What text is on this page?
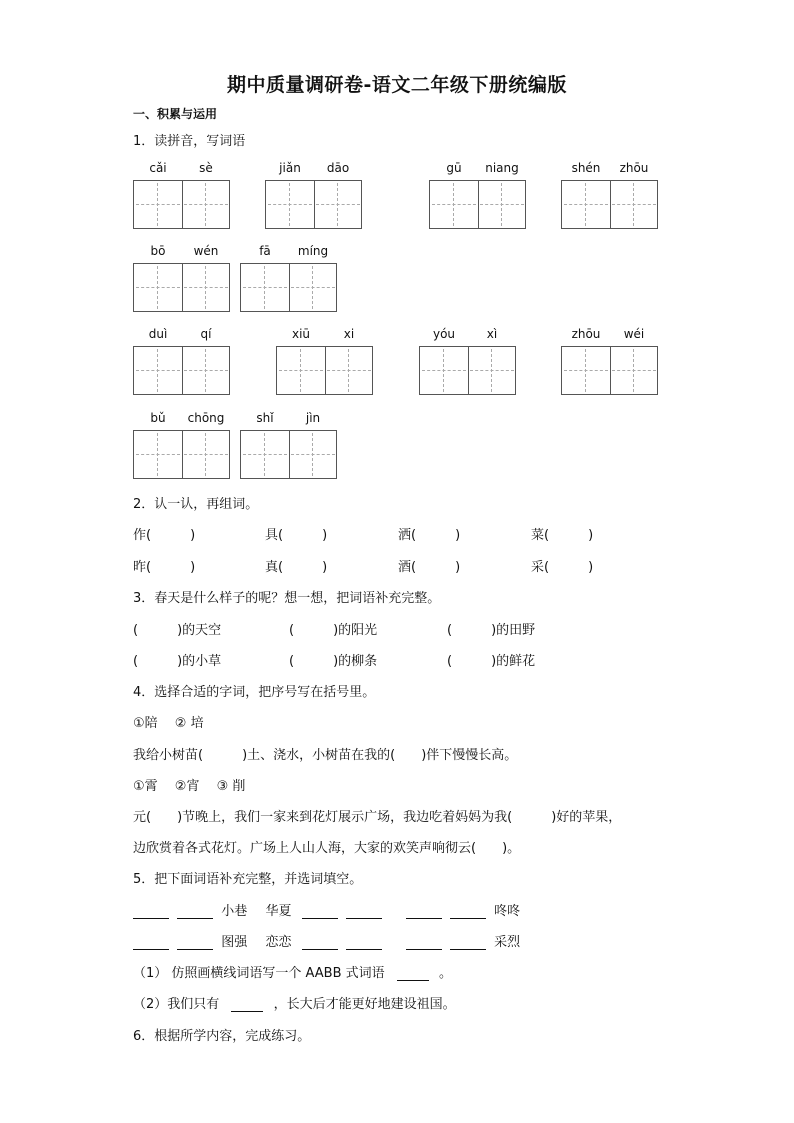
期中质量调研卷-语文二年级下册统编版
一、积累与运用
1．读拼音，写词语
cǎi	sè	jiǎn	dāo	gū	niang	shén	zhōu
bō	wén	fā	míng
duì	qí	xiū	xi	yóu	xì	zhōu	wéi
bǔ	chōng	shǐ	jìn
2．认一认，再组词。
作(　　　)	具(　　　)	洒(　　　)	菜(　　　)
昨(　　　)	真(　　　)	酒(　　　)	采(　　　)
3．春天是什么样子的呢？想一想，把词语补充完整。
(　　　)的天空	(　　　)的阳光	(　　　)的田野
(　　　)的小草	(　　　)的柳条	(　　　)的鲜花
4．选择合适的字词，把序号写在括号里。
①陪　 ② 培
我给小树苗(　　　)土、浇水，小树苗在我的(　　)伴下慢慢长高。
①霄　 ②宵　 ③ 削
元(　　)节晚上，我们一家来到花灯展示广场，我边吃着妈妈为我(　　　)好的苹果，
边欣赏着各式花灯。广场上人山人海，大家的欢笑声响彻云(　　)。
5．把下面词语补充完整，并选词填空。
小巷 华夏	咚咚
图强 恋恋	采烈
（1） 仿照画横线词语写一个 AABB 式词语	。
（2）我们只有	，长大后才能更好地建设祖国。
6．根据所学内容，完成练习。
